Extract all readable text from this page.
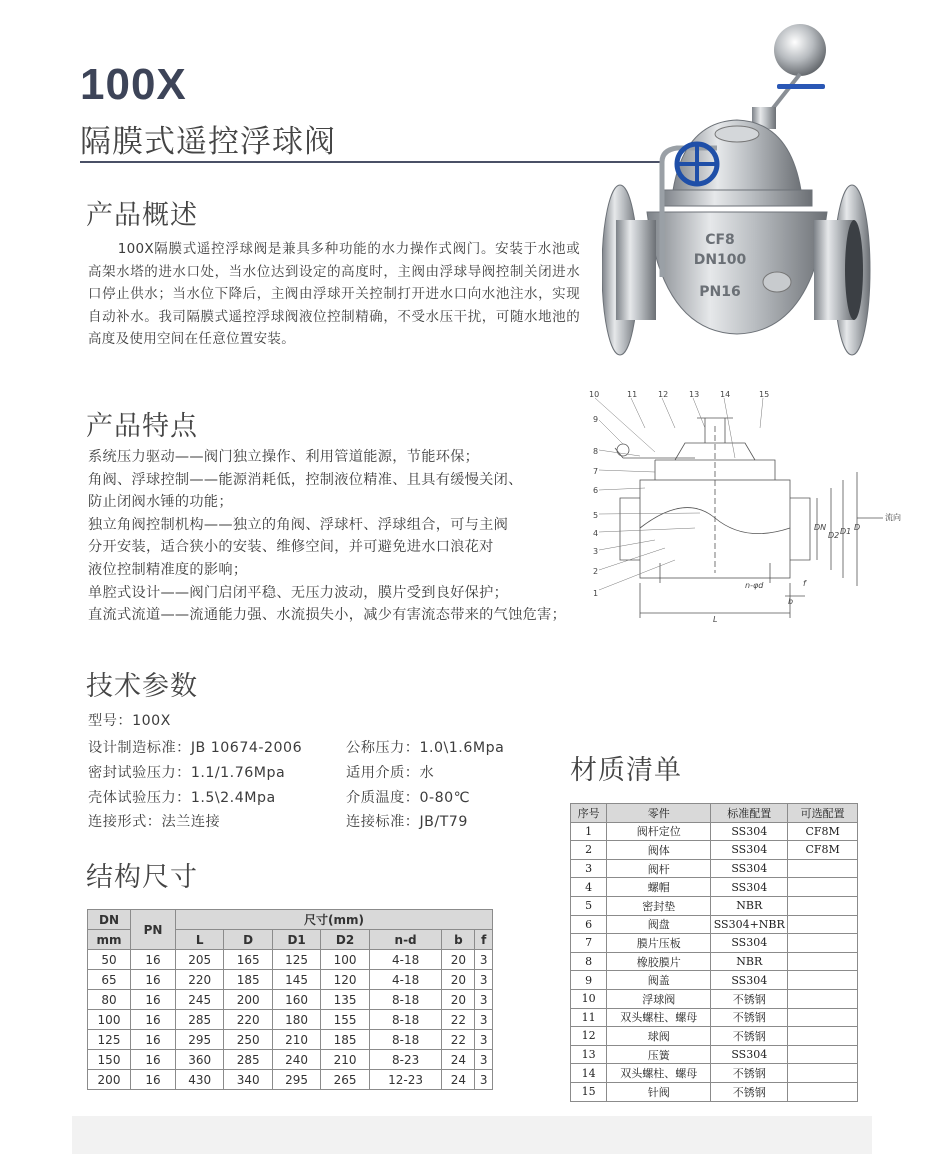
100X
隔膜式遥控浮球阀
CF8
DN100
PN16
产品概述
100X隔膜式遥控浮球阀是兼具多种功能的水力操作式阀门。安装于水池或高架水塔的进水口处，当水位达到设定的高度时，主阀由浮球导阀控制关闭进水口停止供水；当水位下降后，主阀由浮球开关控制打开进水口向水池注水，实现自动补水。我司隔膜式遥控浮球阀液位控制精确，不受水压干扰，可随水地池的高度及使用空间在任意位置安装。
产品特点
系统压力驱动——阀门独立操作、利用管道能源，节能环保；
角阀、浮球控制——能源消耗低，控制液位精准、且具有缓慢关闭、
防止闭阀水锤的功能；
独立角阀控制机构——独立的角阀、浮球杆、浮球组合，可与主阀
分开安装，适合狭小的安装、维修空间，并可避免进水口浪花对
液位控制精准度的影响；
单腔式设计——阀门启闭平稳、无压力波动，膜片受到良好保护；
直流式流道——流通能力强、水流损失小，减少有害流态带来的气蚀危害；
1
2
3
4
5
6
7
8
9
10	11	12	13	14	15
DN
D2 D1 D
L
b
f
n-φd
流向
技术参数
型号：100X
设计制造标准：JB 10674-2006	公称压力：1.0\1.6Mpa
密封试验压力：1.1/1.76Mpa	适用介质：水
壳体试验压力：1.5\2.4Mpa	介质温度：0-80℃
连接形式：法兰连接	连接标准：JB/T79
结构尺寸
DN	PN	尺寸(mm)						
mm		L	D	D1	D2	n-d	b	f
50	16	205	165	125	100	4-18	20	3
65	16	220	185	145	120	4-18	20	3
80	16	245	200	160	135	8-18	20	3
100	16	285	220	180	155	8-18	22	3
125	16	295	250	210	185	8-18	22	3
150	16	360	285	240	210	8-23	24	3
200	16	430	340	295	265	12-23	24	3
材质清单
序号	零件	标准配置	可选配置
1	阀杆定位	SS304	CF8M
2	阀体	SS304	CF8M
3	阀杆	SS304	
4	螺帽	SS304	
5	密封垫	NBR	
6	阀盘	SS304+NBR	
7	膜片压板	SS304	
8	橡胶膜片	NBR	
9	阀盖	SS304	
10	浮球阀	不锈钢	
11	双头螺柱、螺母	不锈钢	
12	球阀	不锈钢	
13	压簧	SS304	
14	双头螺柱、螺母	不锈钢	
15	针阀	不锈钢	
